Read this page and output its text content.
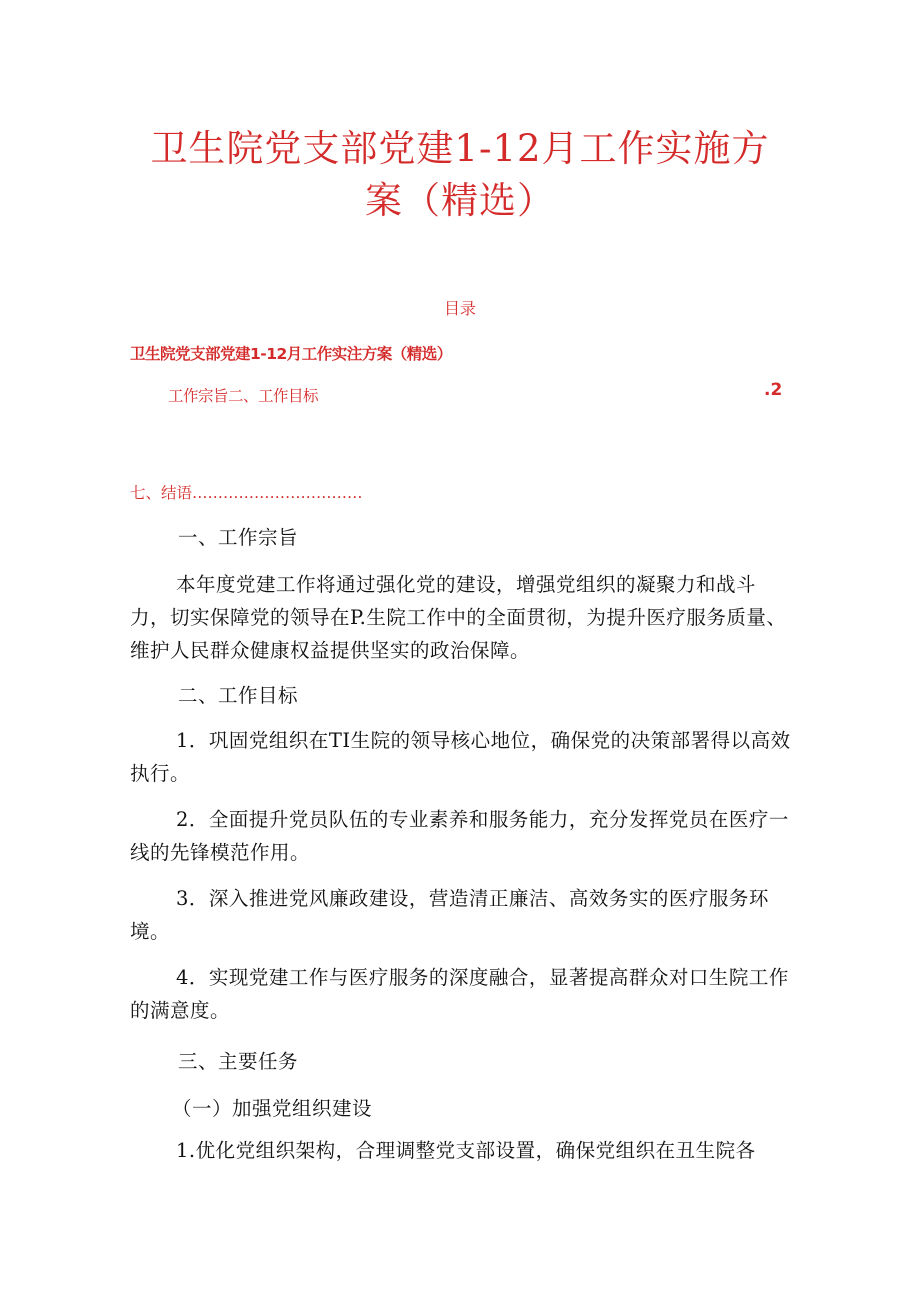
卫生院党支部党建1-12月工作实施方
案（精选）
目录
卫生院党支部党建1-12月工作实注方案（精选）
工作宗旨二、工作目标	.2
七、结语……………………………
一、工作宗旨
本年度党建工作将通过强化党的建设，增强党组织的凝聚力和战斗力，切实保障党的领导在P.生院工作中的全面贯彻，为提升医疗服务质量、维护人民群众健康权益提供坚实的政治保障。
二、工作目标
1．巩固党组织在TI生院的领导核心地位，确保党的决策部署得以高效执行。
2．全面提升党员队伍的专业素养和服务能力，充分发挥党员在医疗一线的先锋模范作用。
3．深入推进党风廉政建设，营造清正廉洁、高效务实的医疗服务环境。
4．实现党建工作与医疗服务的深度融合，显著提高群众对口生院工作的满意度。
三、主要任务
（一）加强党组织建设
1.优化党组织架构，合理调整党支部设置，确保党组织在丑生院各
